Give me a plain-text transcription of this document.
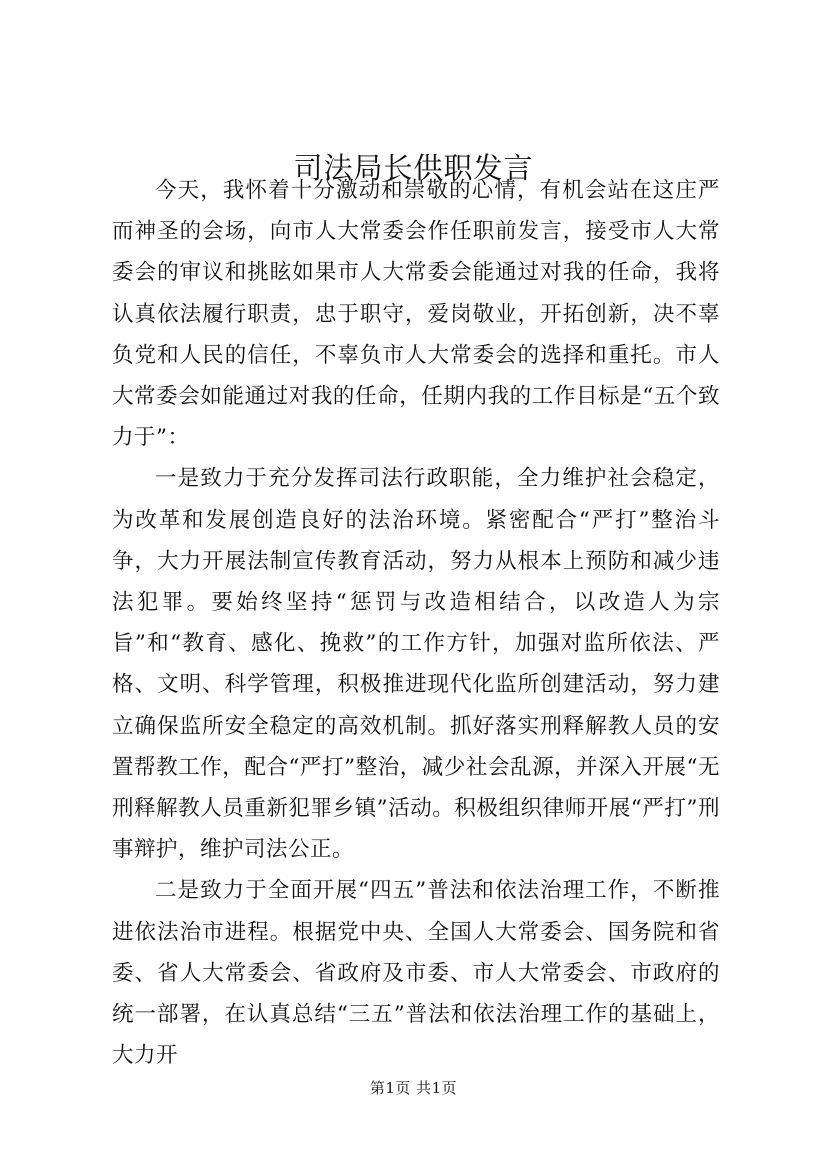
司法局长供职发言

今天，我怀着十分激动和崇敬的心情，有机会站在这庄严而神圣的会场，向市人大常委会作任职前发言，接受市人大常委会的审议和挑眩如果市人大常委会能通过对我的任命，我将认真依法履行职责，忠于职守，爱岗敬业，开拓创新，决不辜负党和人民的信任，不辜负市人大常委会的选择和重托。市人大常委会如能通过对我的任命，任期内我的工作目标是“五个致力于”：

一是致力于充分发挥司法行政职能，全力维护社会稳定，为改革和发展创造良好的法治环境。紧密配合“严打”整治斗争，大力开展法制宣传教育活动，努力从根本上预防和减少违法犯罪。要始终坚持“惩罚与改造相结合，以改造人为宗旨”和“教育、感化、挽救”的工作方针，加强对监所依法、严格、文明、科学管理，积极推进现代化监所创建活动，努力建立确保监所安全稳定的高效机制。抓好落实刑释解教人员的安置帮教工作，配合“严打”整治，减少社会乱源，并深入开展“无刑释解教人员重新犯罪乡镇”活动。积极组织律师开展“严打”刑事辩护，维护司法公正。

二是致力于全面开展“四五”普法和依法治理工作，不断推进依法治市进程。根据党中央、全国人大常委会、国务院和省委、省人大常委会、省政府及市委、市人大常委会、市政府的统一部署，在认真总结“三五”普法和依法治理工作的基础上，大力开

第1页 共1页
